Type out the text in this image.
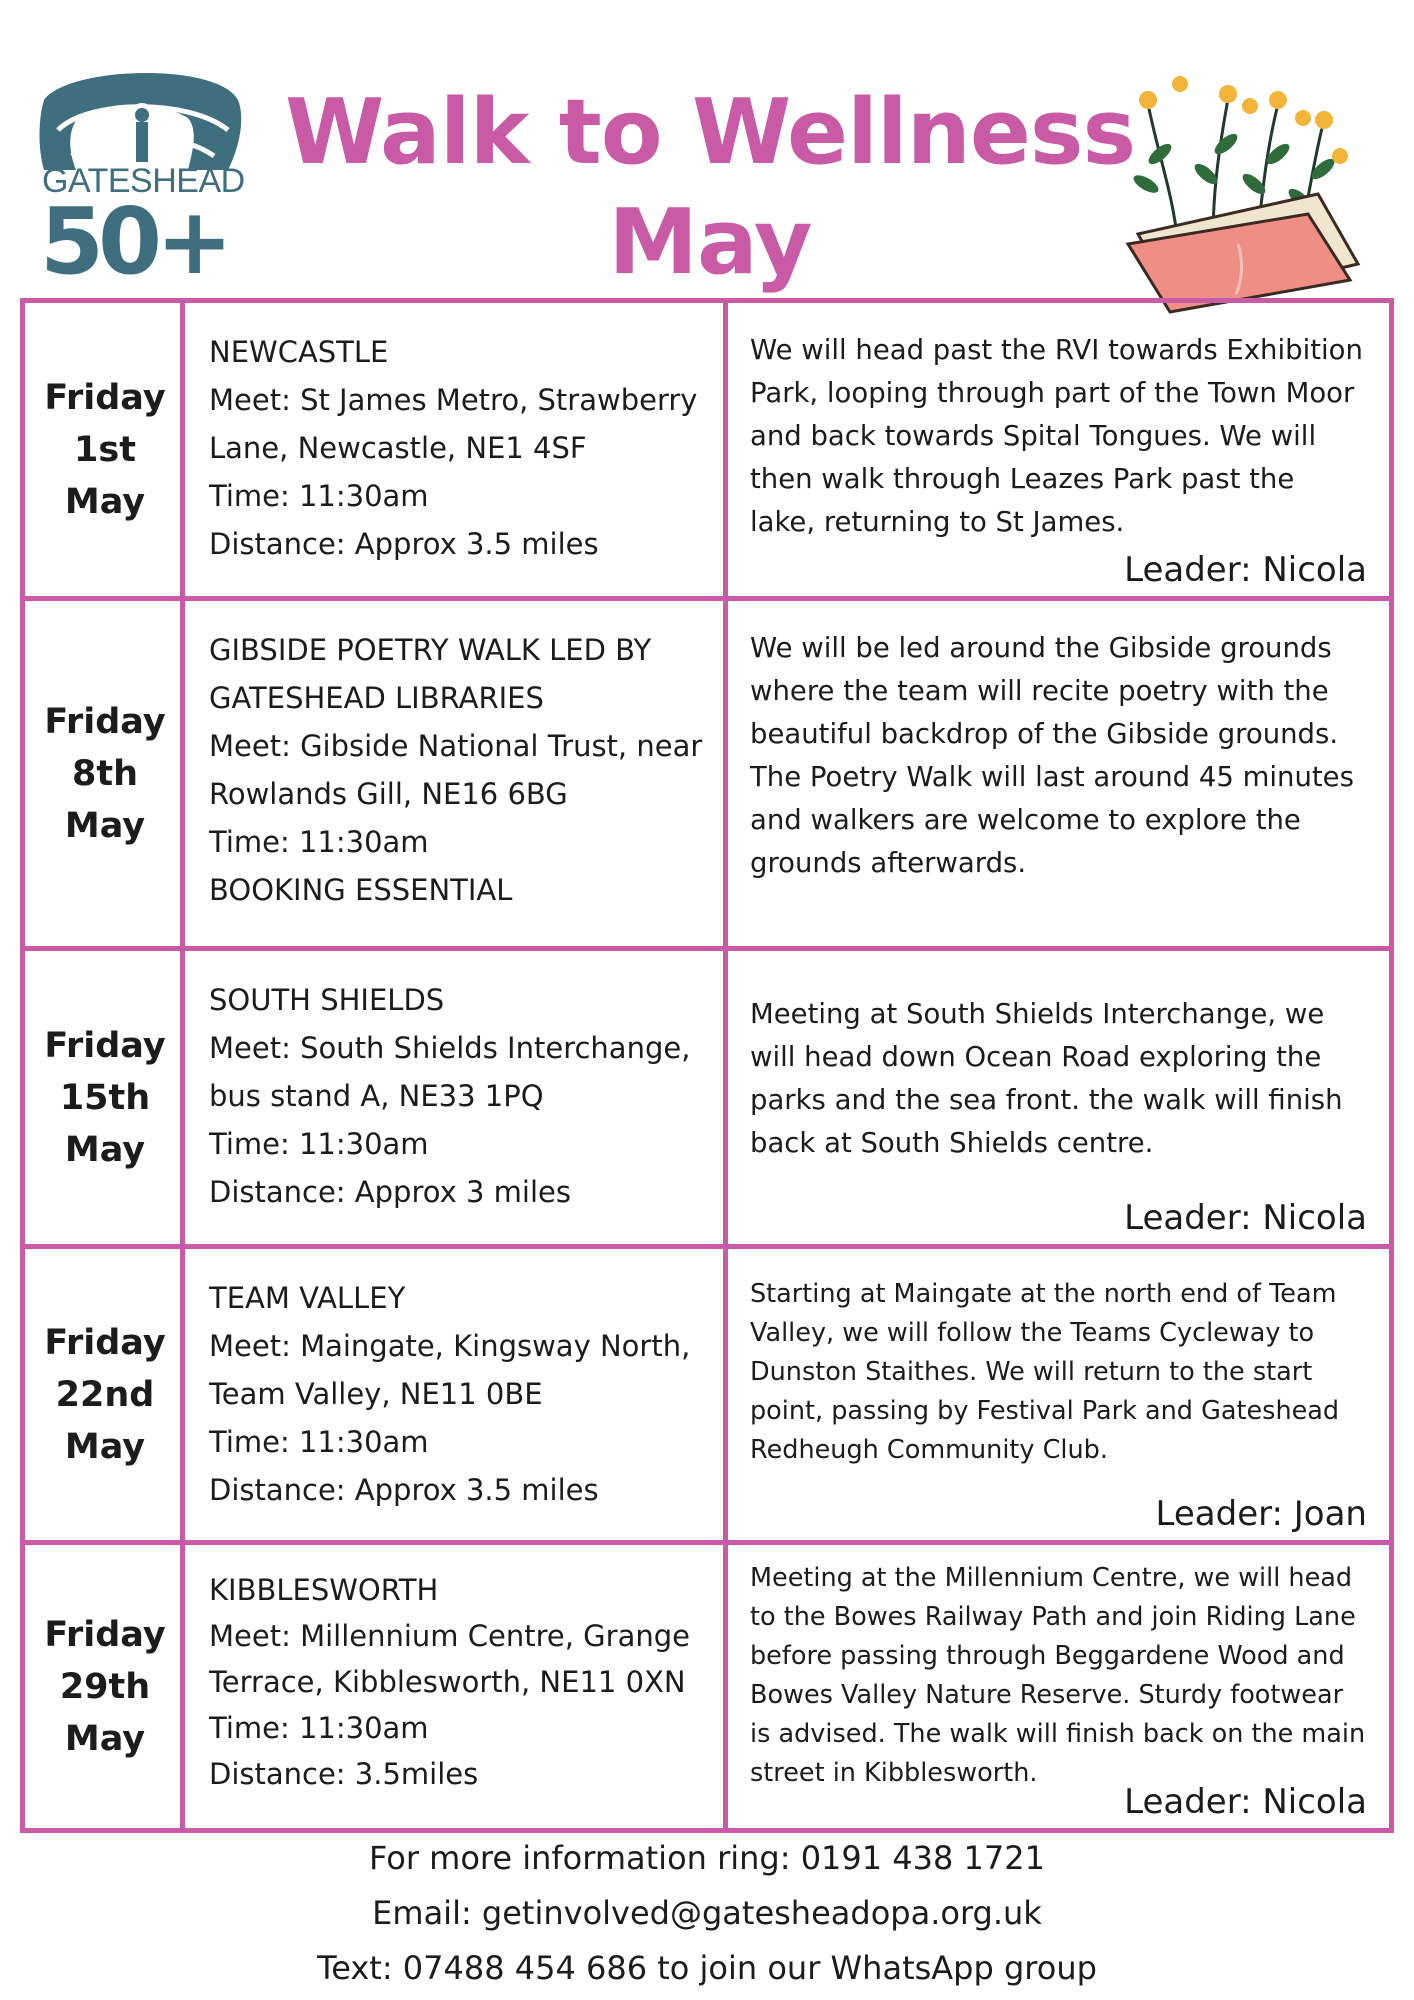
GATESHEAD
50+
Walk to Wellness
May
Friday
1st
May
NEWCASTLE
Meet: St James Metro, Strawberry
Lane, Newcastle, NE1 4SF
Time: 11:30am
Distance: Approx 3.5 miles
We will head past the RVI towards Exhibition Park, looping through part of the Town Moor and back towards Spital Tongues. We will then walk through Leazes Park past the lake, returning to St James.
Leader: Nicola
Friday
8th
May
GIBSIDE POETRY WALK LED BY
GATESHEAD LIBRARIES
Meet: Gibside National Trust, near
Rowlands Gill, NE16 6BG
Time: 11:30am
BOOKING ESSENTIAL
We will be led around the Gibside grounds where the team will recite poetry with the beautiful backdrop of the Gibside grounds. The Poetry Walk will last around 45 minutes and walkers are welcome to explore the grounds afterwards.
Friday
15th
May
SOUTH SHIELDS
Meet: South Shields Interchange,
bus stand A, NE33 1PQ
Time: 11:30am
Distance: Approx 3 miles
Meeting at South Shields Interchange, we will head down Ocean Road exploring the parks and the sea front. the walk will finish back at South Shields centre.
Leader: Nicola
Friday
22nd
May
TEAM VALLEY
Meet: Maingate, Kingsway North,
Team Valley, NE11 0BE
Time: 11:30am
Distance: Approx 3.5 miles
Starting at Maingate at the north end of Team Valley, we will follow the Teams Cycleway to Dunston Staithes. We will return to the start point, passing by Festival Park and Gateshead Redheugh Community Club.
Leader: Joan
Friday
29th
May
KIBBLESWORTH
Meet: Millennium Centre, Grange
Terrace, Kibblesworth, NE11 0XN
Time: 11:30am
Distance: 3.5miles
Meeting at the Millennium Centre, we will head to the Bowes Railway Path and join Riding Lane before passing through Beggardene Wood and Bowes Valley Nature Reserve. Sturdy footwear is advised. The walk will finish back on the main street in Kibblesworth.
Leader: Nicola
For more information ring: 0191 438 1721
Email: getinvolved@gatesheadopa.org.uk
Text: 07488 454 686 to join our WhatsApp group
